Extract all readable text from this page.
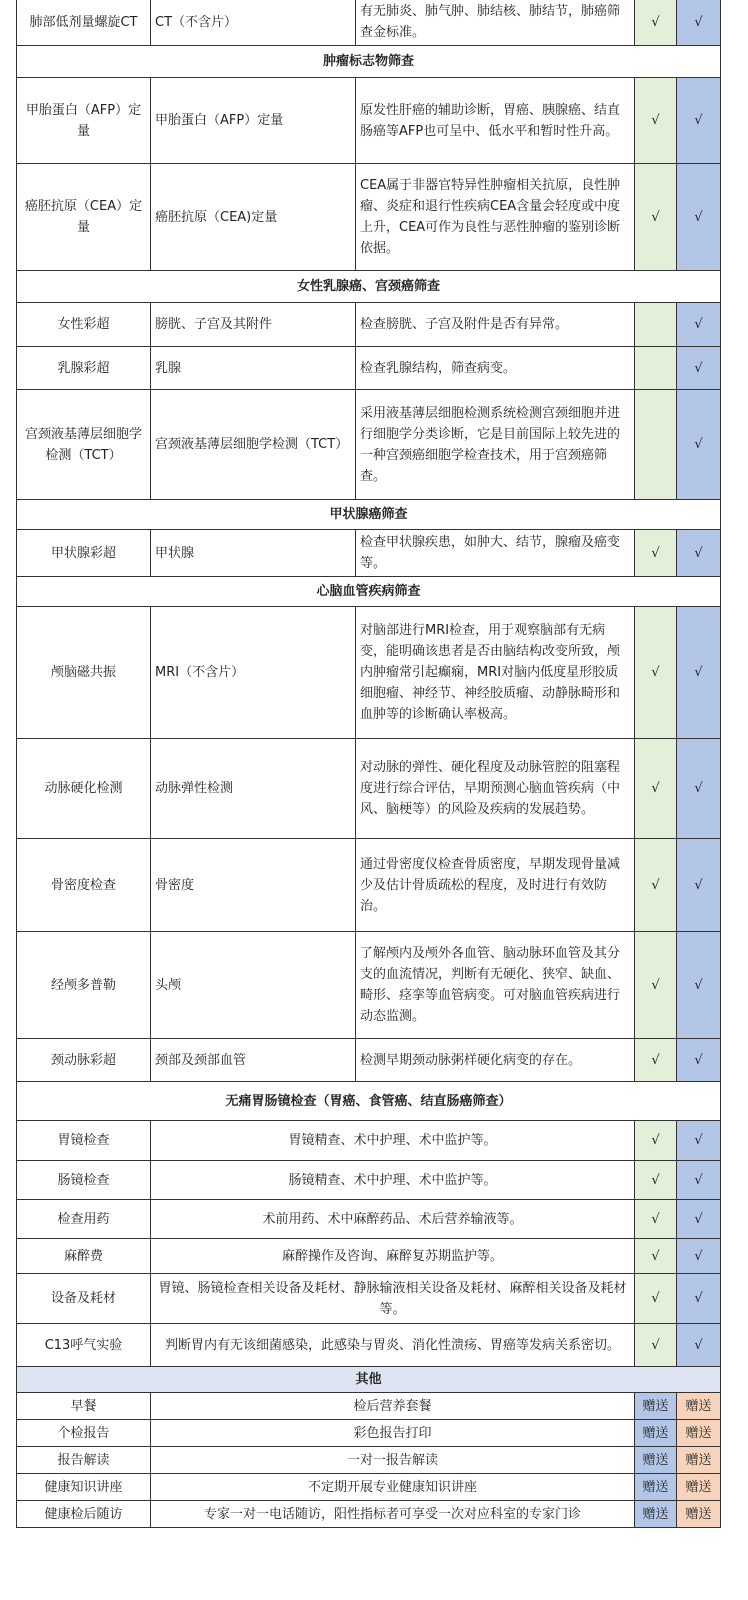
肺部低剂量螺旋CT	CT（不含片）	有无肺炎、肺气肿、肺结核、肺结节，肺癌筛查金标准。	√	√
肿瘤标志物筛查				
甲胎蛋白（AFP）定量	甲胎蛋白（AFP）定量	原发性肝癌的辅助诊断，胃癌、胰腺癌、结直肠癌等AFP也可呈中、低水平和暂时性升高。	√	√
癌胚抗原（CEA）定量	癌胚抗原（CEA)定量	CEA属于非器官特异性肿瘤相关抗原，良性肿瘤、炎症和退行性疾病CEA含量会轻度或中度上升，CEA可作为良性与恶性肿瘤的鉴别诊断依据。	√	√
女性乳腺癌、宫颈癌筛查				
女性彩超	膀胱、子宫及其附件	检查膀胱、子宫及附件是否有异常。		√
乳腺彩超	乳腺	检查乳腺结构，筛查病变。		√
宫颈液基薄层细胞学检测（TCT）	宫颈液基薄层细胞学检测（TCT）	采用液基薄层细胞检测系统检测宫颈细胞并进行细胞学分类诊断，它是目前国际上较先进的一种宫颈癌细胞学检查技术，用于宫颈癌筛查。		√
甲状腺癌筛查				
甲状腺彩超	甲状腺	检查甲状腺疾患，如肿大、结节，腺瘤及癌变等。	√	√
心脑血管疾病筛查				
颅脑磁共振	MRI（不含片）	对脑部进行MRI检查，用于观察脑部有无病变，能明确该患者是否由脑结构改变所致，颅内肿瘤常引起癫痫，MRI对脑内低度星形胶质细胞瘤、神经节、神经胶质瘤、动静脉畸形和血肿等的诊断确认率极高。	√	√
动脉硬化检测	动脉弹性检测	对动脉的弹性、硬化程度及动脉管腔的阻塞程度进行综合评估，早期预测心脑血管疾病（中风、脑梗等）的风险及疾病的发展趋势。	√	√
骨密度检查	骨密度	通过骨密度仪检查骨质密度，早期发现骨量减少及估计骨质疏松的程度，及时进行有效防治。	√	√
经颅多普勒	头颅	了解颅内及颅外各血管、脑动脉环血管及其分支的血流情况，判断有无硬化、狭窄、缺血、畸形、痉挛等血管病变。可对脑血管疾病进行动态监测。	√	√
颈动脉彩超	颈部及颈部血管	检测早期颈动脉粥样硬化病变的存在。	√	√
无痛胃肠镜检查（胃癌、食管癌、结直肠癌筛查）				
胃镜检查	胃镜精查、术中护理、术中监护等。		√	√
肠镜检查	肠镜精查、术中护理、术中监护等。		√	√
检查用药	术前用药、术中麻醉药品、术后营养输液等。		√	√
麻醉费	麻醉操作及咨询、麻醉复苏期监护等。		√	√
设备及耗材	胃镜、肠镜检查相关设备及耗材、静脉输液相关设备及耗材、麻醉相关设备及耗材等。		√	√
C13呼气实验	判断胃内有无该细菌感染，此感染与胃炎、消化性溃疡、胃癌等发病关系密切。		√	√
其他				
早餐	检后营养套餐		赠送	赠送
个检报告	彩色报告打印		赠送	赠送
报告解读	一对一报告解读		赠送	赠送
健康知识讲座	不定期开展专业健康知识讲座		赠送	赠送
健康检后随访	专家一对一电话随访，阳性指标者可享受一次对应科室的专家门诊		赠送	赠送
